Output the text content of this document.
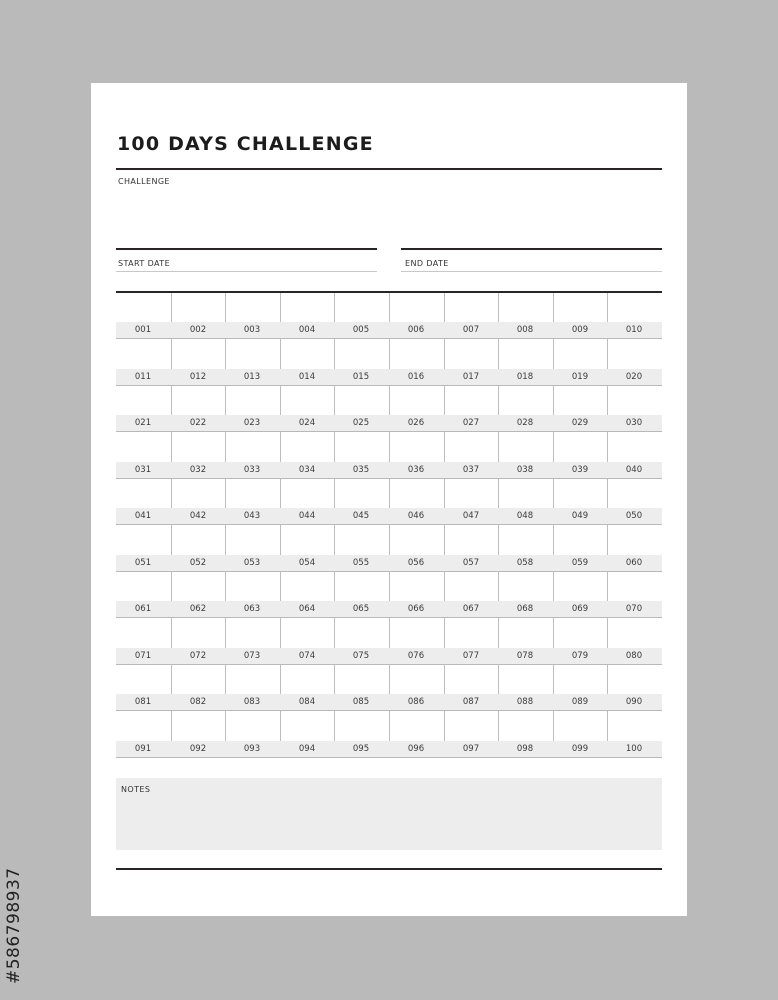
100 DAYS CHALLENGE
CHALLENGE
START DATE	END DATE
001	002	003	004	005	006	007	008	009	010
011	012	013	014	015	016	017	018	019	020
021	022	023	024	025	026	027	028	029	030
031	032	033	034	035	036	037	038	039	040
041	042	043	044	045	046	047	048	049	050
051	052	053	054	055	056	057	058	059	060
061	062	063	064	065	066	067	068	069	070
071	072	073	074	075	076	077	078	079	080
081	082	083	084	085	086	087	088	089	090
091	092	093	094	095	096	097	098	099	100
NOTES
#586798937
